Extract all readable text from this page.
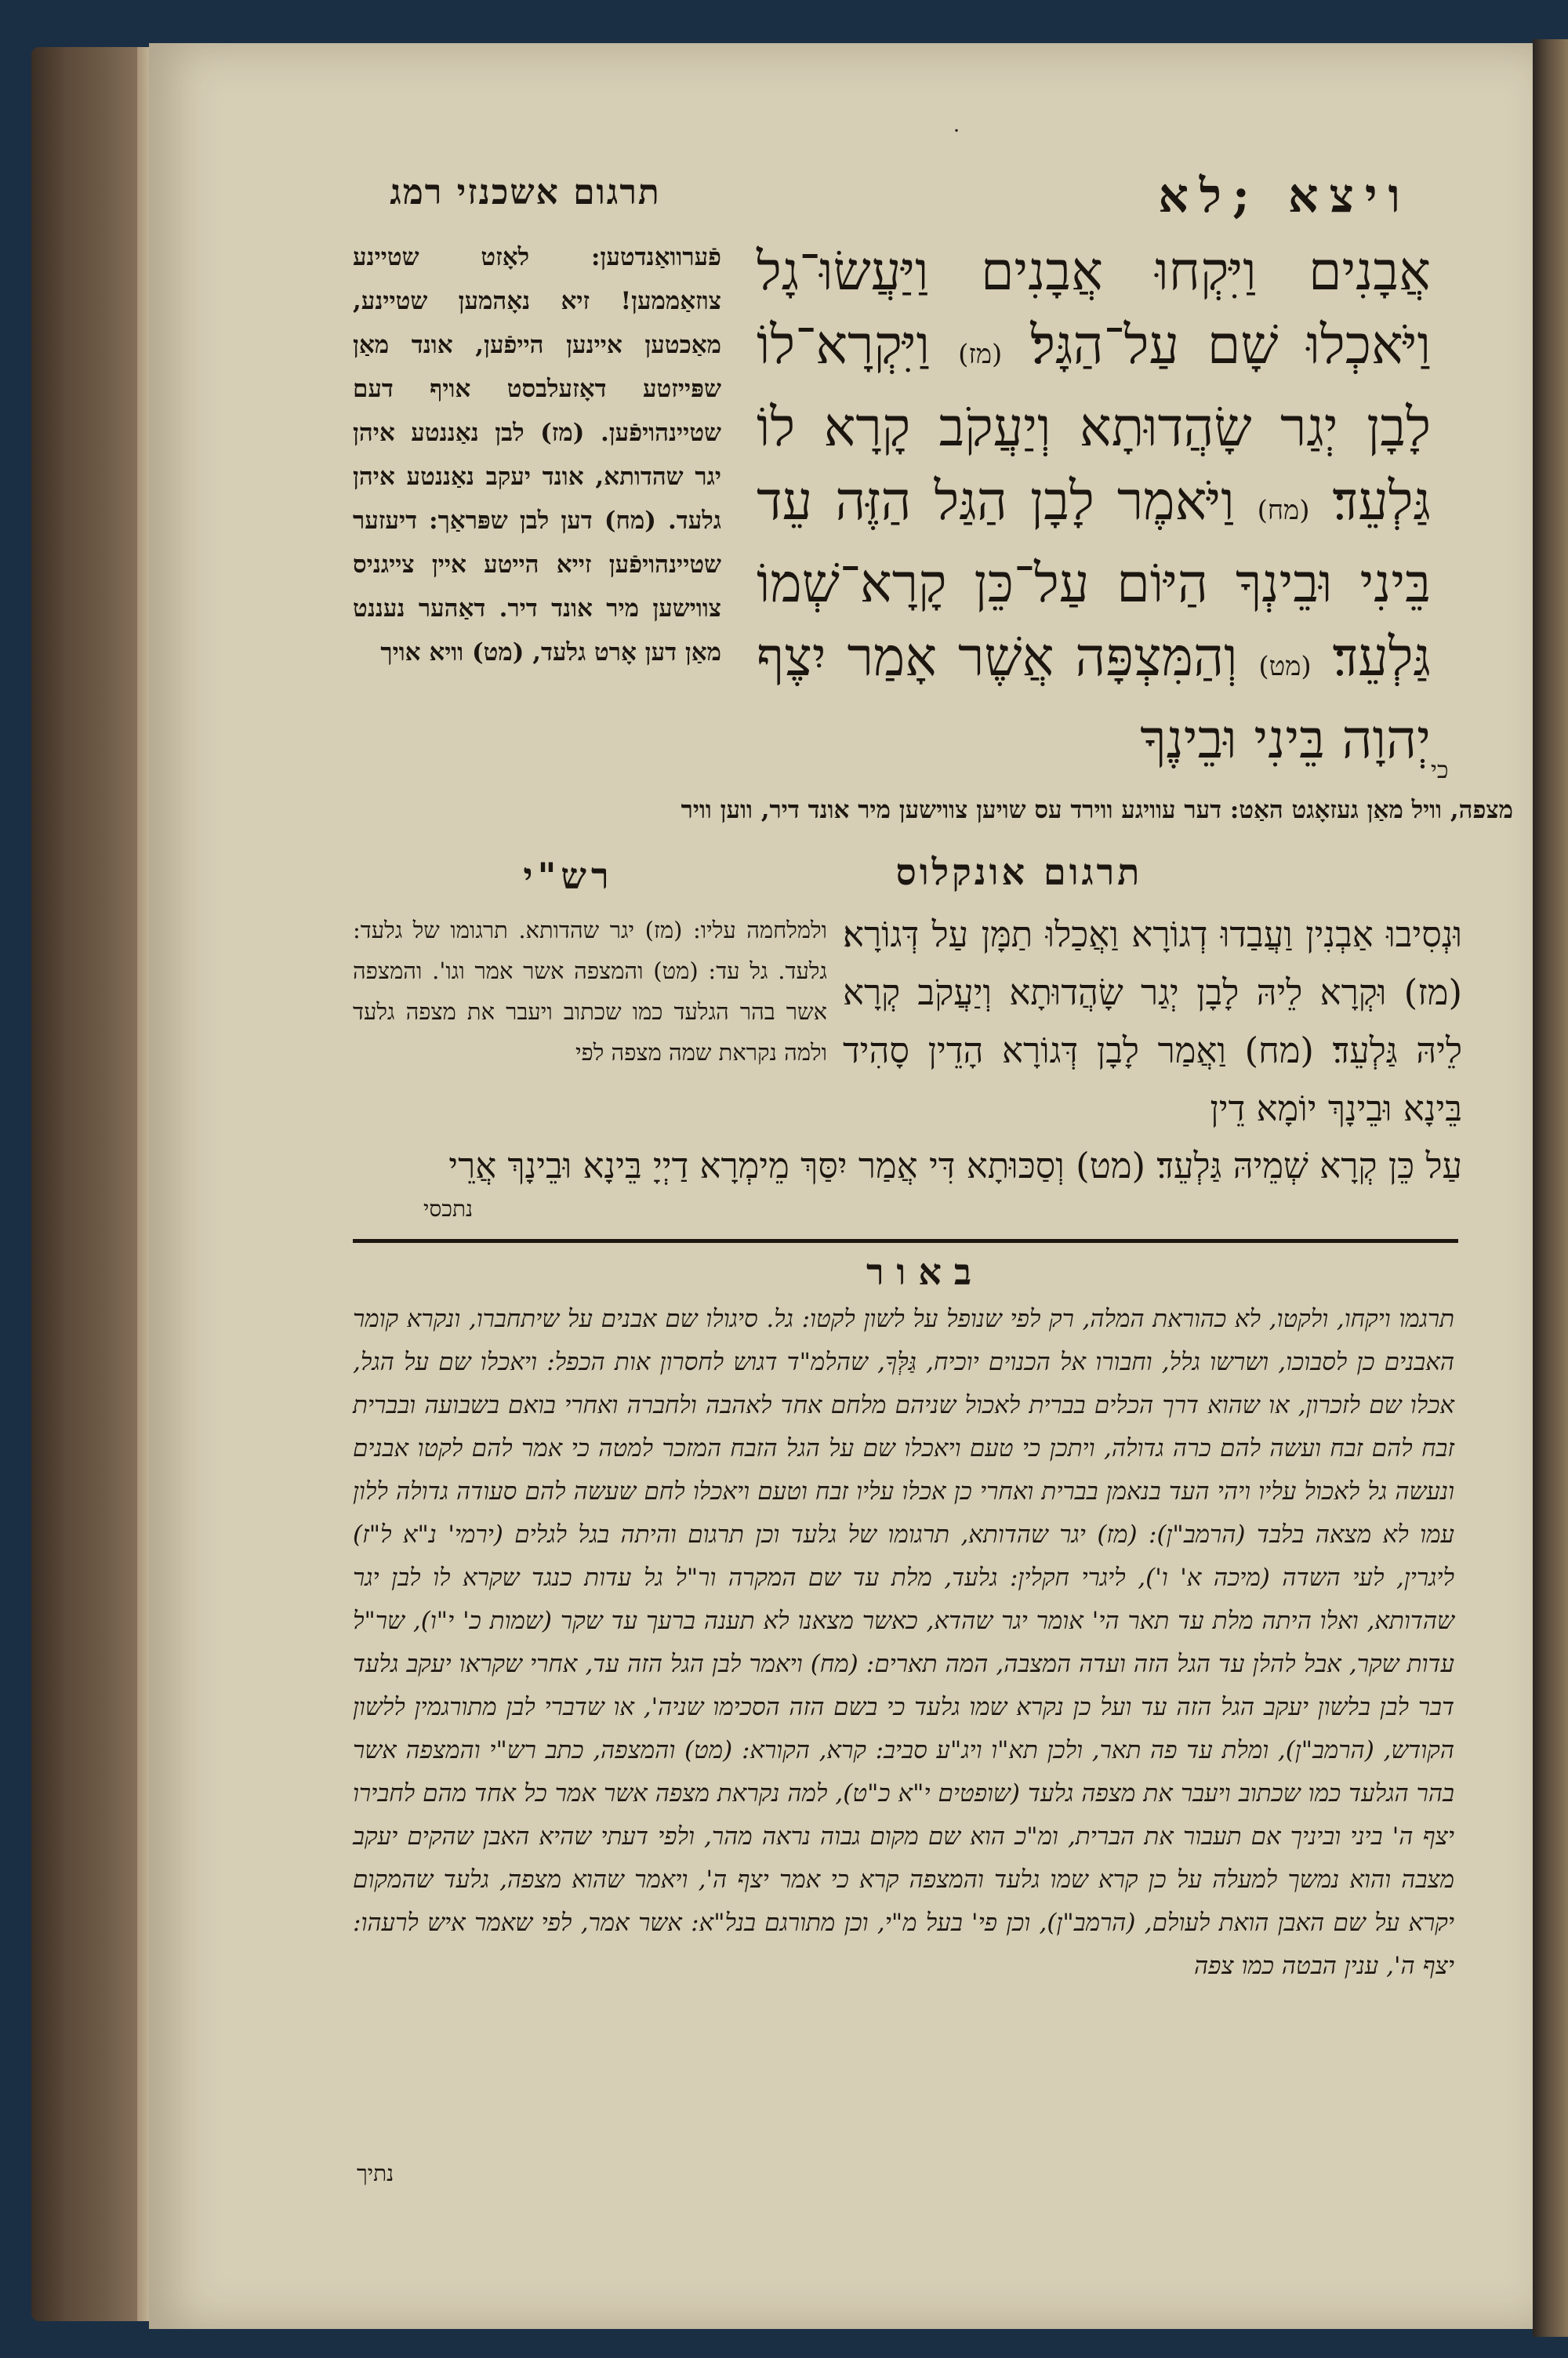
תרגום אשכנזי רמג
ׂ
ויצא ;לא
אֲבָנִים וַיִּקְחוּ אֲבָנִים וַיַּעֲשׂוּ־גָל וַיֹּאכְלוּ שָׁם עַל־הַגָּל׃ (מז) וַיִּקְרָא־לוֹ לָבָן יְגַר שָׂהֲדוּתָא וְיַעֲקֹב קָרָא לוֹ גַּלְעֵד׃ (מח) וַיֹּאמֶר לָבָן הַגַּל הַזֶּה עֵד בֵּינִי וּבֵינְךָ הַיּוֹם עַל־כֵּן קָרָא־שְׁמוֹ גַּלְעֵד׃ (מט) וְהַמִּצְפָּה אֲשֶׁר אָמַר יִצֶף יְהוָה בֵּינִי וּבֵינֶךָ כי
פֿערוואַנדטען: לאָזט שטיינע צוזאַממען! זיא נאָהמען שטיינע, מאַכטען איינען הייפֿען, אונד מאַן שפּייזטע דאָזעלבסט אויף דעם שטיינהויפֿען. (מז) לבן נאַננטע איהן יגר שהדותא, אונד יעקב נאַננטע איהן גלעד. (מח) דען לבן שפּראַך: דיעזער שטיינהויפֿען זייא הייטע איין צייגניס צווישען מיר אונד דיר. דאַהער נעננט מאַן דען אָרט גלעד, (מט) וויא אויך
מצפה, וויל מאַן געזאָגט האַט: דער עוויגע ווירד עס שויען צווישען מיר אונד דיר, ווען וויר
תרגום אונקלוס
רש"י
וּנְסִיבוּ אַבְנִין וַעֲבַדוּ דְגוֹרָא וַאֲכַלוּ תַמָּן עַל דְּגוֹרָא׃ (מז) וּקְרָא לֵיהּ לָבָן יְגַר שָׂהֲדוּתָא וְיַעֲקֹב קְרָא לֵיהּ גַּלְעֵד׃ (מח) וַאֲמַר לָבָן דְּגוֹרָא הָדֵין סָהִיד בֵּינָא וּבֵינָךְ יוֹמָא דֵין
עַל כֵּן קְרָא שְׁמֵיהּ גַּלְעֵד׃ (מט) וְסַכּוּתָא דִּי אֲמַר יִסַּךְ מֵימְרָא דַיְיָ בֵּינָא וּבֵינָךְ אֲרֵי
ולמלחמה עליו: (מז) יגר שהדותא. תרגומו של גלעד: גלעד. גל עד: (מט) והמצפה אשר אמר וגו'. והמצפה אשר בהר הגלעד כמו שכתוב ויעבר את מצפה גלעד ולמה נקראת שמה מצפה לפי
נתכסי
באור
תרגמו ויקחו, ולקטו, לא כהוראת המלה, רק לפי שנופל על לשון לקטו: גל. סיגולו שם אבנים על שיתחברו, ונקרא קומר האבנים כן לסבוכו, ושרשו גלל, וחבורו אל הכנוים יוכיח, גַּלְּךָ, שהלמ"ד דגוש לחסרון אות הכפל: ויאכלו שם על הגל, אכלו שם לזכרון, או שהוא דרך הכלים בברית לאכול שניהם מלחם אחד לאהבה ולחברה ואחרי בואם בשבועה ובברית זבח להם זבח ועשה להם כרה גדולה, ויתכן כי טעם ויאכלו שם על הגל הזבח המזכר למטה כי אמר להם לקטו אבנים ונעשה גל לאכול עליו ויהי העד בנאמן בברית ואחרי כן אכלו עליו זבח וטעם ויאכלו לחם שעשה להם סעודה גדולה ללון עמו לא מצאה בלבד (הרמב"ן): (מז) יגר שהדותא, תרגומו של גלעד וכן תרגום והיתה בגל לגלים (ירמי' נ"א ל"ז) ליגרין, לעי השדה (מיכה א' ו'), ליגרי חקלין: גלעד, מלת עד שם המקרה ור"ל גל עדות כנגד שקרא לו לבן יגר שהדותא, ואלו היתה מלת עד תאר הי' אומר יגר שהדא, כאשר מצאנו לא תענה ברעך עד שקר (שמות כ' י"ו), שר"ל עדות שקר, אבל להלן עד הגל הזה ועדה המצבה, המה תארים: (מח) ויאמר לבן הגל הזה עד, אחרי שקראו יעקב גלעד דבר לבן בלשון יעקב הגל הזה עד ועל כן נקרא שמו גלעד כי בשם הזה הסכימו שניה', או שדברי לבן מתורגמין ללשון הקודש, (הרמב"ן), ומלת עד פה תאר, ולכן תא"ו ויג"ע סביב: קרא, הקורא: (מט) והמצפה, כתב רש"י והמצפה אשר בהר הגלעד כמו שכתוב ויעבר את מצפה גלעד (שופטים י"א כ"ט), למה נקראת מצפה אשר אמר כל אחד מהם לחבירו יצף ה' ביני וביניך אם תעבור את הברית, ומ"כ הוא שם מקום גבוה נראה מהר, ולפי דעתי שהיא האבן שהקים יעקב מצבה והוא נמשך למעלה על כן קרא שמו גלעד והמצפה קרא כי אמר יצף ה', ויאמר שהוא מצפה, גלעד שהמקום יקרא על שם האבן הואת לעולם, (הרמב"ן), וכן פי' בעל מ"י, וכן מתורגם בנל"א: אשר אמר, לפי שאמר איש לרעהו: יצף ה', ענין הבטה כמו צפה
נתיך
